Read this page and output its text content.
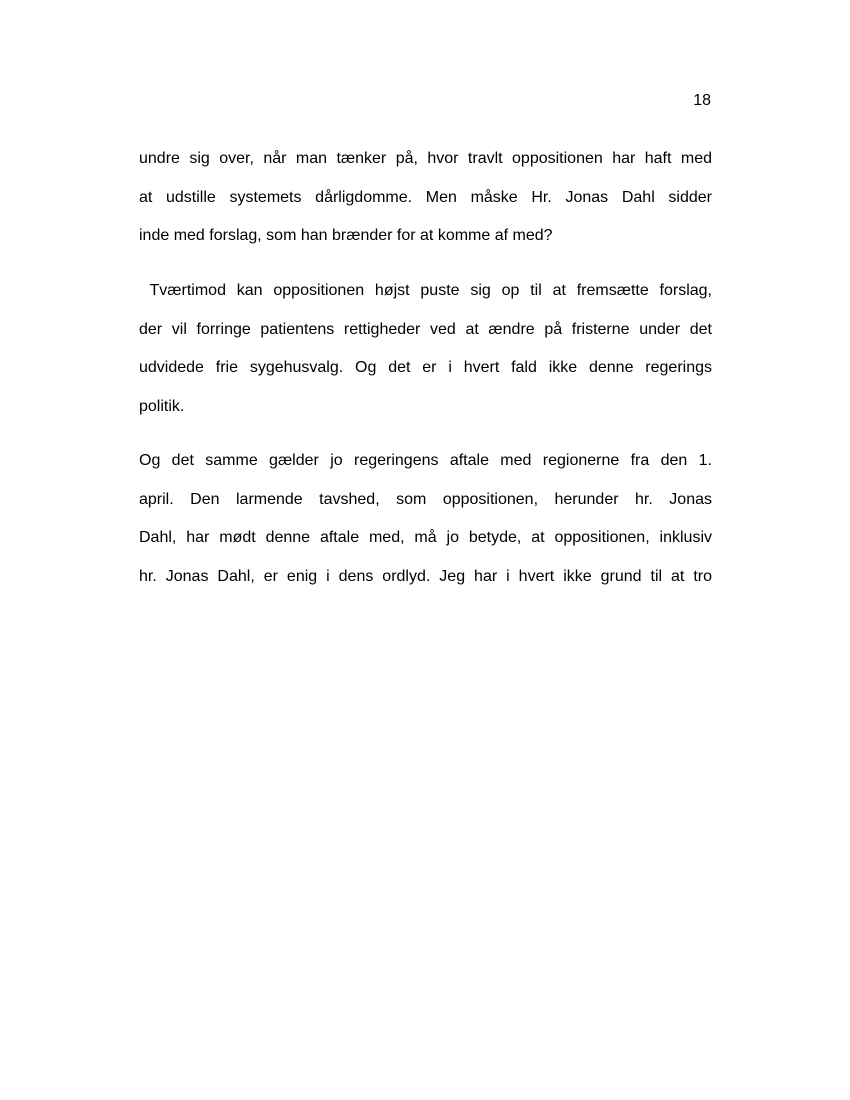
18
undre sig over, når man tænker på, hvor travlt oppositionen har haft med
at udstille systemets dårligdomme. Men måske Hr. Jonas Dahl sidder
inde med forslag, som han brænder for at komme af med?
Tværtimod kan oppositionen højst puste sig op til at fremsætte forslag,
der vil forringe patientens rettigheder ved at ændre på fristerne under det
udvidede frie sygehusvalg. Og det er i hvert fald ikke denne regerings
politik.
Og det samme gælder jo regeringens aftale med regionerne fra den 1.
april. Den larmende tavshed, som oppositionen, herunder hr. Jonas
Dahl, har mødt denne aftale med, må jo betyde, at oppositionen, inklusiv
hr. Jonas Dahl, er enig i dens ordlyd. Jeg har i hvert ikke grund til at tro
